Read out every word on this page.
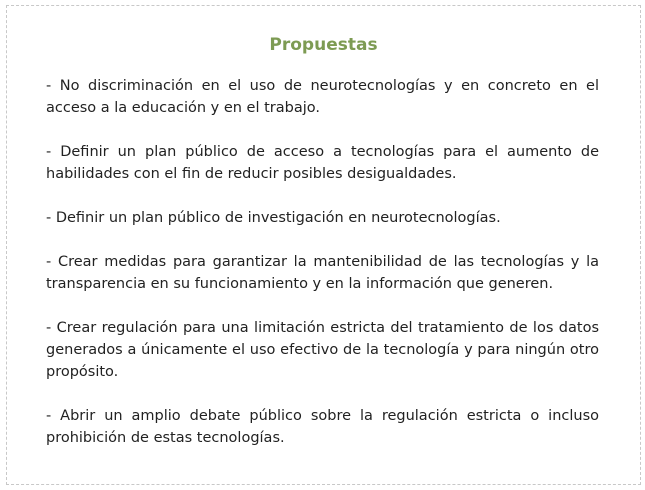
Propuestas

- No discriminación en el uso de neurotecnologías y en concreto en el acceso a la educación y en el trabajo.

- Definir un plan público de acceso a tecnologías para el aumento de habilidades con el fin de reducir posibles desigualdades.

- Definir un plan público de investigación en neurotecnologías.

- Crear medidas para garantizar la mantenibilidad de las tecnologías y la transparencia en su funcionamiento y en la información que generen.

- Crear regulación para una limitación estricta del tratamiento de los datos generados a únicamente el uso efectivo de la tecnología y para ningún otro propósito.

- Abrir un amplio debate público sobre la regulación estricta o incluso prohibición de estas tecnologías.
